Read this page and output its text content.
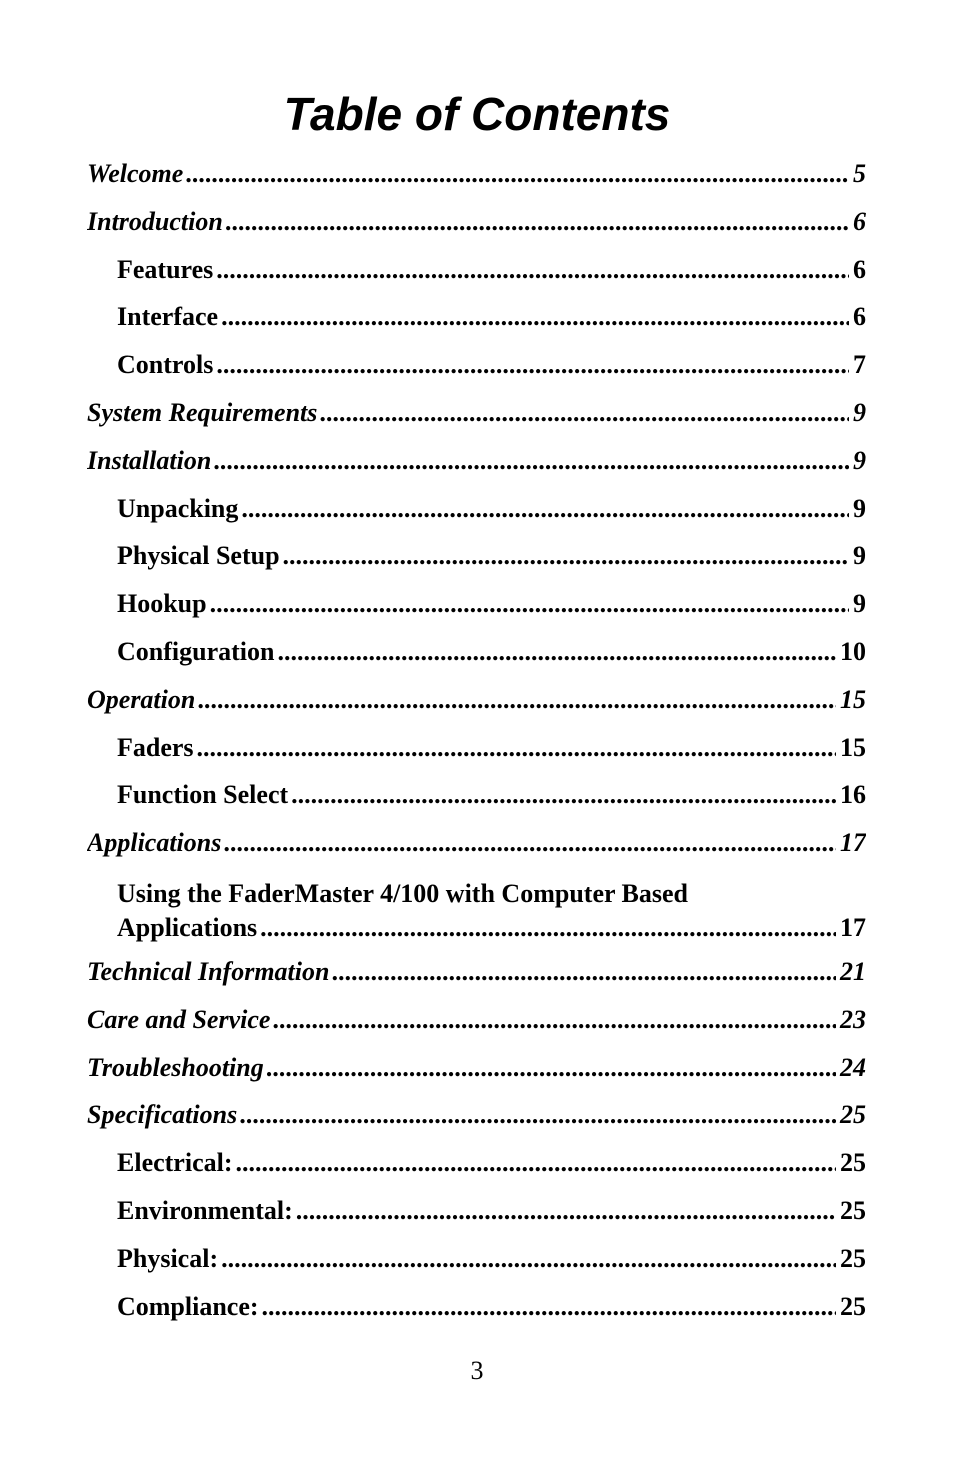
Table of Contents
Welcome .....	5
Introduction .....	6
Features .....	6
Interface .....	6
Controls .....	7
System Requirements .....	9
Installation .....	9
Unpacking .....	9
Physical Setup .....	9
Hookup .....	9
Configuration .....	10
Operation .....	15
Faders .....	15
Function Select .....	16
Applications .....	17
Using the FaderMaster 4/100 with Computer Based
Applications .....	17
Technical Information .....	21
Care and Service .....	23
Troubleshooting .....	24
Specifications .....	25
Electrical: .....	25
Environmental: .....	25
Physical: .....	25
Compliance: .....	25
3
